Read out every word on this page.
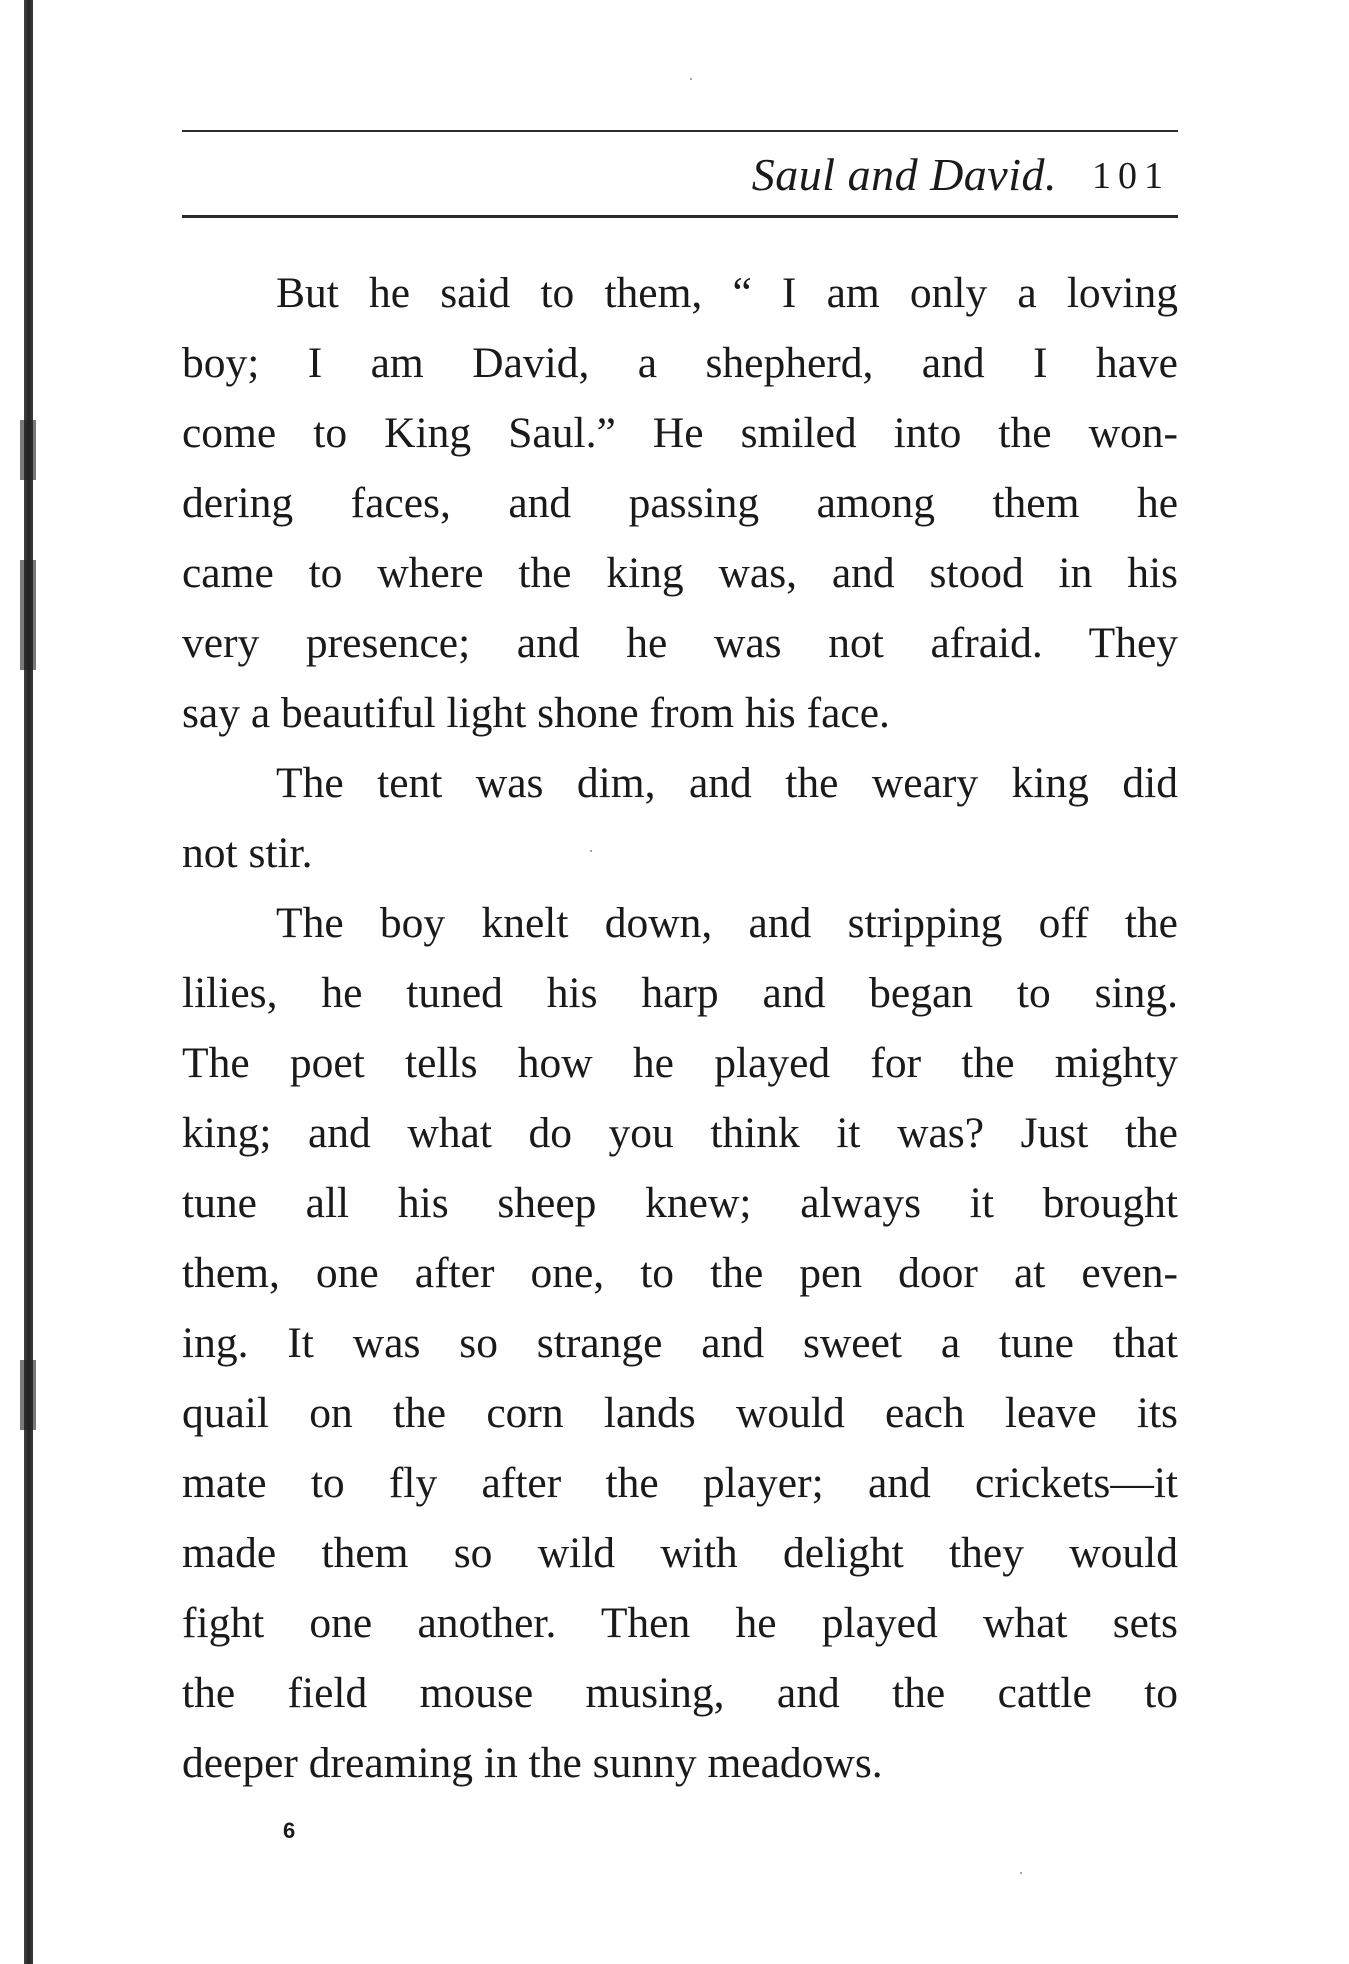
Saul and David. 101
But he said to them, “ I am only a loving
boy; I am David, a shepherd, and I have
come to King Saul.” He smiled into the won-
dering faces, and passing among them he
came to where the king was, and stood in his
very presence; and he was not afraid. They
say a beautiful light shone from his face.
The tent was dim, and the weary king did
not stir.
The boy knelt down, and stripping off the
lilies, he tuned his harp and began to sing.
The poet tells how he played for the mighty
king; and what do you think it was? Just the
tune all his sheep knew; always it brought
them, one after one, to the pen door at even-
ing. It was so strange and sweet a tune that
quail on the corn lands would each leave its
mate to fly after the player; and crickets—it
made them so wild with delight they would
fight one another. Then he played what sets
the field mouse musing, and the cattle to
deeper dreaming in the sunny meadows.
6
